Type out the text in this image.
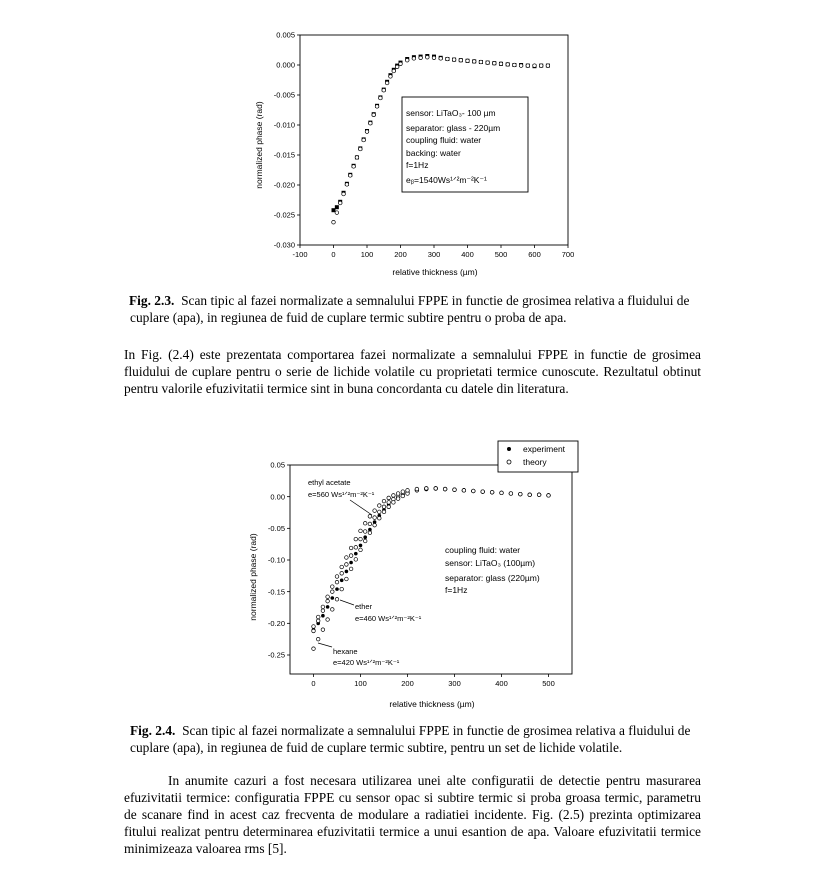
-100	0	100	200	300	400	500	600	700
0.005
0.000
-0.005
-0.010
-0.015
-0.020
-0.025
-0.030
relative thickness (µm)
normalized phase (rad)	sensor: LiTaO₃- 100 µm
separator: glass - 220µm
coupling fluid: water
backing: water
f=1Hz
eᵦ=1540Ws¹ᐟ²m⁻²K⁻¹

Fig. 2.3. Scan tipic al fazei normalizate a semnalului FPPE in functie de grosimea relativa a fluidului de cuplare (apa), in regiunea de fuid de cuplare termic subtire pentru o proba de apa.

In Fig. (2.4) este prezentata comportarea fazei normalizate a semnalului FPPE in functie de grosimea fluidului de cuplare pentru o serie de lichide volatile cu proprietati termice cunoscute. Rezultatul obtinut pentru valorile efuzivitatii termice sint in buna concordanta cu datele din literatura.

0	100	200	300	400	500
0.05
0.00
-0.05
-0.10
-0.15
-0.20
-0.25
relative thickness (µm)
normalized phase (rad)
experiment
theory
ethyl acetate
e=560 Ws¹ᐟ²m⁻²K⁻¹
ether
e=460 Ws¹ᐟ²m⁻²K⁻¹
hexane
e=420 Ws¹ᐟ²m⁻²K⁻¹
coupling fluid: water
sensor: LiTaO₃ (100µm)
separator: glass (220µm)
f=1Hz

Fig. 2.4. Scan tipic al fazei normalizate a semnalului FPPE in functie de grosimea relativa a fluidului de cuplare (apa), in regiunea de fuid de cuplare termic subtire, pentru un set de lichide volatile.

In anumite cazuri a fost necesara utilizarea unei alte configuratii de detectie pentru masurarea efuzivitatii termice: configuratia FPPE cu sensor opac si subtire termic si proba groasa termic, parametru de scanare find in acest caz frecventa de modulare a radiatiei incidente. Fig. (2.5) prezinta optimizarea fitului realizat pentru determinarea efuzivitatii termice a unui esantion de apa. Valoare efuzivitatii termice minimizeaza valoarea rms [5].
